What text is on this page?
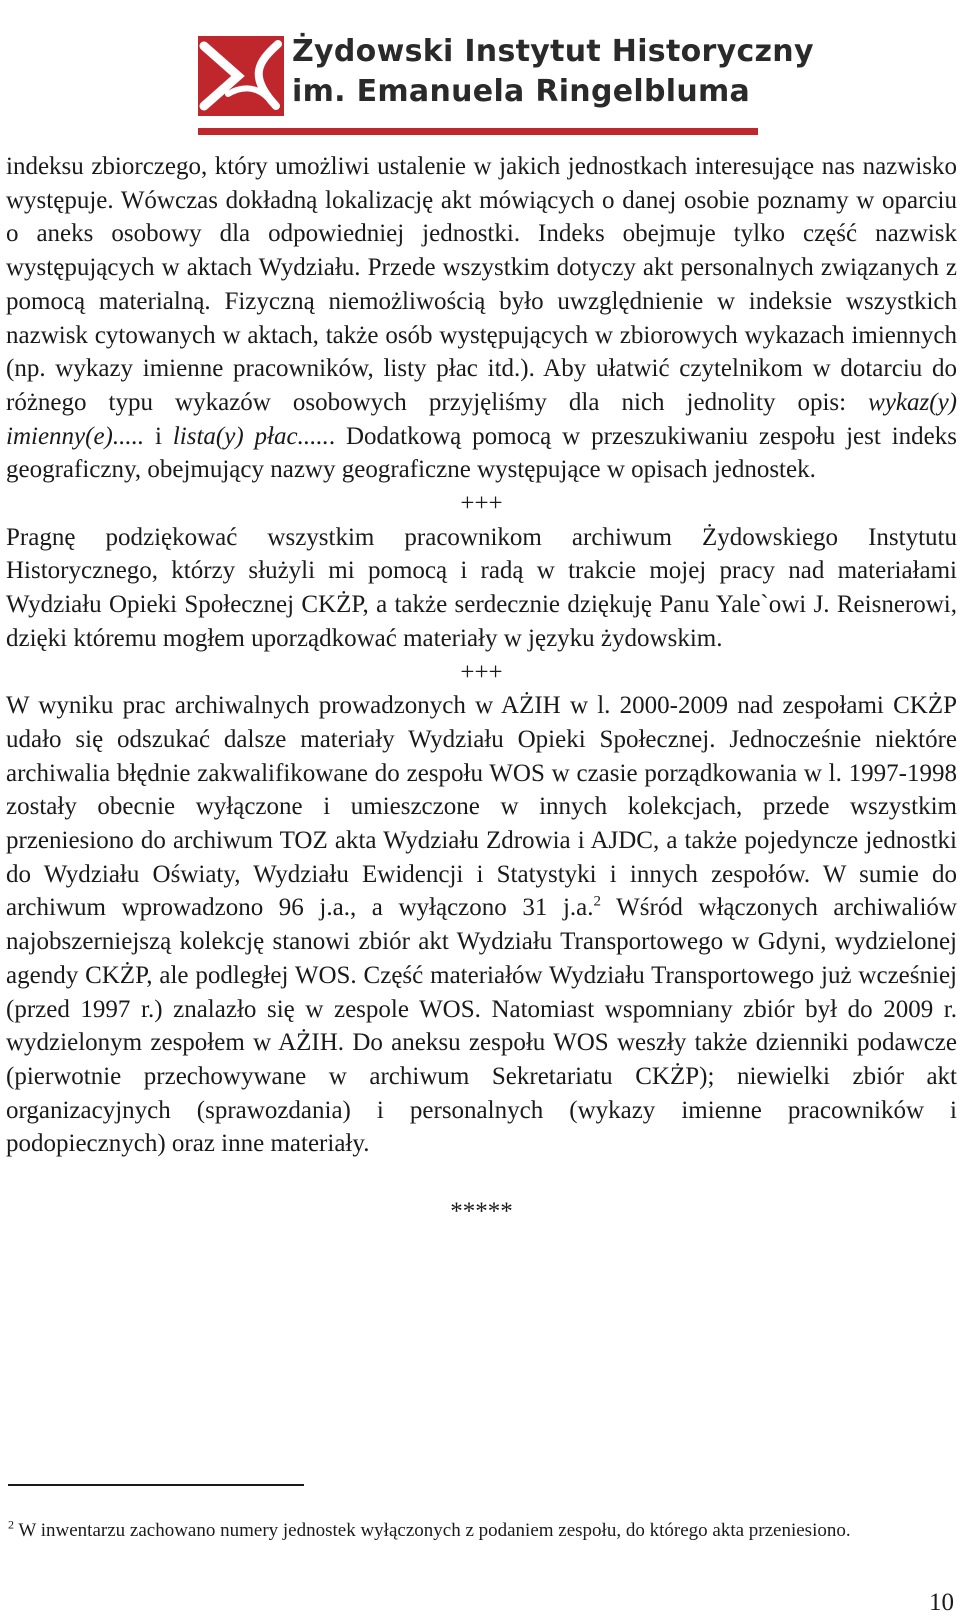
Żydowski Instytut Historyczny
im. Emanuela Ringelbluma

indeksu zbiorczego, który umożliwi ustalenie w jakich jednostkach interesujące nas nazwisko występuje. Wówczas dokładną lokalizację akt mówiących o danej osobie poznamy w oparciu o aneks osobowy dla odpowiedniej jednostki. Indeks obejmuje tylko część nazwisk występujących w aktach Wydziału. Przede wszystkim dotyczy akt personalnych związanych z pomocą materialną. Fizyczną niemożliwością było uwzględnienie w indeksie wszystkich nazwisk cytowanych w aktach, także osób występujących w zbiorowych wykazach imiennych (np. wykazy imienne pracowników, listy płac itd.). Aby ułatwić czytelnikom w dotarciu do różnego typu wykazów osobowych przyjęliśmy dla nich jednolity opis: wykaz(y) imienny(e)..... i lista(y) płac...... Dodatkową pomocą w przeszukiwaniu zespołu jest indeks geograficzny, obejmujący nazwy geograficzne występujące w opisach jednostek.

+++

Pragnę podziękować wszystkim pracownikom archiwum Żydowskiego Instytutu Historycznego, którzy służyli mi pomocą i radą w trakcie mojej pracy nad materiałami Wydziału Opieki Społecznej CKŻP, a także serdecznie dziękuję Panu Yale`owi J. Reisnerowi, dzięki któremu mogłem uporządkować materiały w języku żydowskim.

+++

W wyniku prac archiwalnych prowadzonych w AŻIH w l. 2000-2009 nad zespołami CKŻP udało się odszukać dalsze materiały Wydziału Opieki Społecznej. Jednocześnie niektóre archiwalia błędnie zakwalifikowane do zespołu WOS w czasie porządkowania w l. 1997-1998 zostały obecnie wyłączone i umieszczone w innych kolekcjach, przede wszystkim przeniesiono do archiwum TOZ akta Wydziału Zdrowia i AJDC, a także pojedyncze jednostki do Wydziału Oświaty, Wydziału Ewidencji i Statystyki i innych zespołów. W sumie do archiwum wprowadzono 96 j.a., a wyłączono 31 j.a.$^2$ Wśród włączonych archiwaliów najobszerniejszą kolekcję stanowi zbiór akt Wydziału Transportowego w Gdyni, wydzielonej agendy CKŻP, ale podległej WOS. Część materiałów Wydziału Transportowego już wcześniej (przed 1997 r.) znalazło się w zespole WOS. Natomiast wspomniany zbiór był do 2009 r. wydzielonym zespołem w AŻIH. Do aneksu zespołu WOS weszły także dzienniki podawcze (pierwotnie przechowywane w archiwum Sekretariatu CKŻP); niewielki zbiór akt organizacyjnych (sprawozdania) i personalnych (wykazy imienne pracowników i podopiecznych) oraz inne materiały.

*****

$^2$ W inwentarzu zachowano numery jednostek wyłączonych z podaniem zespołu, do którego akta przeniesiono.
10
